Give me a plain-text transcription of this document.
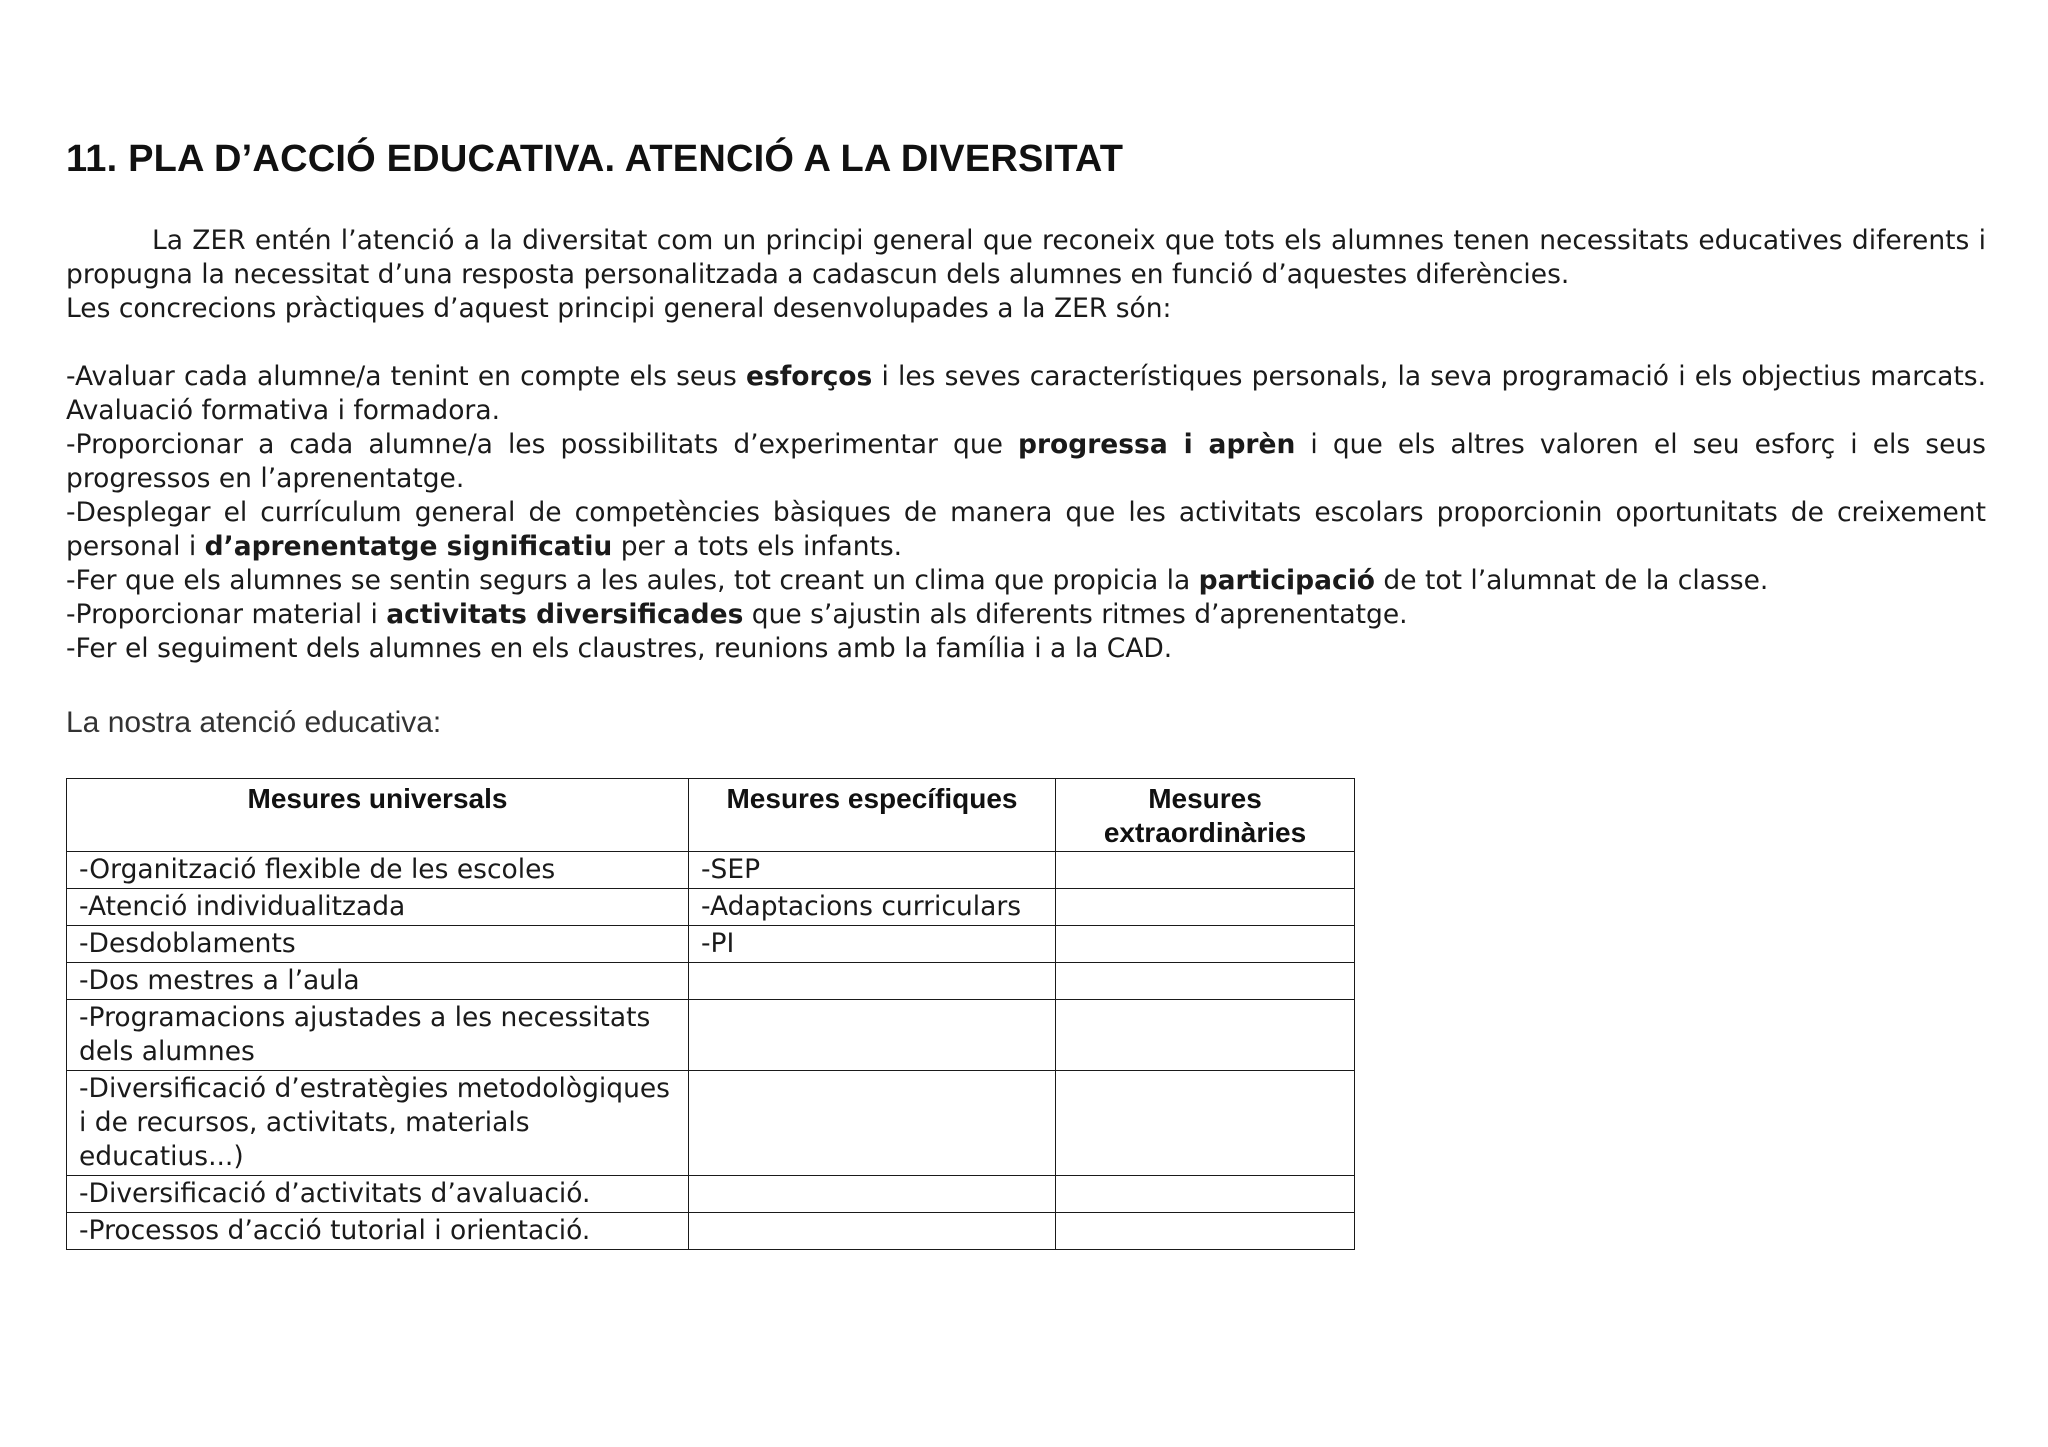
11. PLA D’ACCIÓ EDUCATIVA. ATENCIÓ A LA DIVERSITAT

La ZER entén l’atenció a la diversitat com un principi general que reconeix que tots els alumnes tenen necessitats educatives diferents i propugna la necessitat d’una resposta personalitzada a cadascun dels alumnes en funció d’aquestes diferències.

Les concrecions pràctiques d’aquest principi general desenvolupades a la ZER són:

-Avaluar cada alumne/a tenint en compte els seus esforços i les seves característiques personals, la seva programació i els objectius marcats. Avaluació formativa i formadora.

-Proporcionar a cada alumne/a les possibilitats d’experimentar que progressa i aprèn i que els altres valoren el seu esforç i els seus progressos en l’aprenentatge.

-Desplegar el currículum general de competències bàsiques de manera que les activitats escolars proporcionin oportunitats de creixement personal i d’aprenentatge significatiu per a tots els infants.

-Fer que els alumnes se sentin segurs a les aules, tot creant un clima que propicia la participació de tot l’alumnat de la classe.

-Proporcionar material i activitats diversificades que s’ajustin als diferents ritmes d’aprenentatge.

-Fer el seguiment dels alumnes en els claustres, reunions amb la família i a la CAD.

La nostra atenció educativa:
Mesures universals	Mesures específiques	Mesures extraordinàries
-Organització flexible de les escoles	-SEP	
-Atenció individualitzada	-Adaptacions curriculars	
-Desdoblaments	-PI	
-Dos mestres a l’aula		
-Programacions ajustades a les necessitats dels alumnes		
-Diversificació d’estratègies metodològiques i de recursos, activitats, materials educatius...)		
-Diversificació d’activitats d’avaluació.		
-Processos d’acció tutorial i orientació.		
